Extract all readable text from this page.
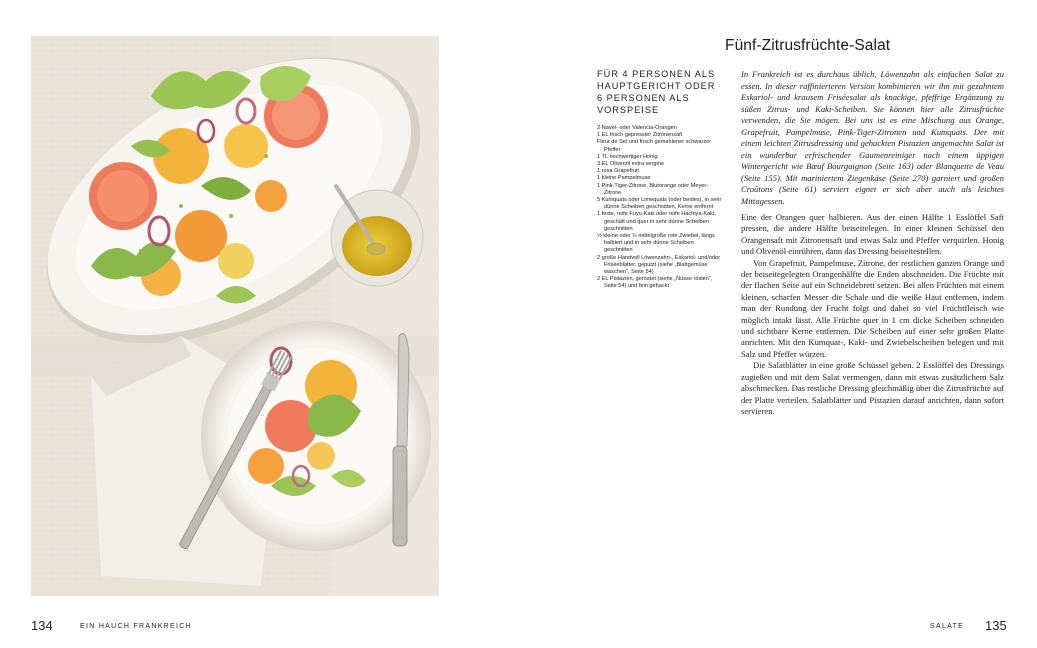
Fünf-Zitrusfrüchte-Salat
FÜR 4 PERSONEN ALS HAUPTGERICHT ODER 6 PERSONEN ALS VORSPEISE
2 Navel- oder Valencia-Orangen
1 EL frisch gepresster Zitronensaft
Fleur de Sel und frisch gemahlener schwarzer Pfeffer
1 TL hochwertiger Honig
3 EL Olivenöl extra vergine
1 rosa Grapefruit
1 kleine Pampelmuse
1 Pink-Tiger-Zitrone, Blutorange oder Meyer-Zitrone
5 Kumquats oder Limequats (oder beides), in sehr dünne Scheiben geschnitten, Kerne entfernt
1 feste, reife Fuyu-Kaki oder reife Hachiya-Kaki, geschält und quer in sehr dünne Scheiben geschnitten
½ kleine oder ¼ mittelgroße rote Zwiebel, längs halbiert und in sehr dünne Scheiben geschnitten
2 große Handvoll Löwenzahn-, Eskariol- und/oder Friséeblätter, geputzt (siehe „Blattgemüse waschen", Seite 54)
2 EL Pistazien, geröstet (siehe „Nüsse rösten", Seite 54) und fein gehackt

In Frankreich ist es durchaus üblich, Löwenzahn als einfachen Salat zu essen. In dieser raffinierteren Version kombinieren wir ihn mit gezahntem Eskariol- und krausem Friséesalat als knackige, pfeffrige Ergänzung zu süßen Zitrus- und Kaki-Scheiben. Sie können hier alle Zitrusfrüchte verwenden, die Sie mögen. Bei uns ist es eine Mischung aus Orange, Grapefruit, Pampelmuse, Pink-Tiger-Zitronen und Kumquats. Der mit einem leichten Zitrusdressing und gehackten Pistazien angemachte Salat ist ein wunderbar erfrischender Gaumenreiniger nach einem üppigen Wintergericht wie Bœuf Bourguignon (Seite 163) oder Blanquette de Veau (Seite 155). Mit mariniertem Ziegenkäse (Seite 270) garniert und großen Croûtons (Seite 61) serviert eignet er sich aber auch als leichtes Mittagessen.

Eine der Orangen quer halbieren. Aus der einen Hälfte 1 Esslöffel Saft pressen, die andere Hälfte beiseitelegen. In einer kleinen Schüssel den Orangensaft mit Zitronensaft und etwas Salz und Pfeffer verquirlen. Honig und Olivenöl einrühren, dann das Dressing beiseitestellen.

Von Grapefruit, Pampelmuse, Zitrone, der restlichen ganzen Orange und der beiseitegelegten Orangenhälfte die Enden abschneiden. Die Früchte mit der flachen Seite auf ein Schneidebrett setzen. Bei allen Früchten mit einem kleinen, scharfen Messer die Schale und die weiße Haut entfernen, indem man der Rundung der Frucht folgt und dabei so viel Fruchtfleisch wie möglich intakt lässt. Alle Früchte quer in 1 cm dicke Scheiben schneiden und sichtbare Kerne entfernen. Die Scheiben auf einer sehr großen Platte anrichten. Mit den Kumquat-, Kaki- und Zwiebelscheiben belegen und mit Salz und Pfeffer würzen.

Die Salatblätter in eine große Schüssel geben. 2 Esslöffel des Dressings zugießen und mit dem Salat vermengen, dann mit etwas zusätzlichem Salz abschmecken. Das restliche Dressing gleichmäßig über die Zitrusfrüchte auf der Platte verteilen. Salatblätter und Pistazien darauf anrichten, dann sofort servieren.

134	EIN HAUCH FRANKREICH	SALATE 135
